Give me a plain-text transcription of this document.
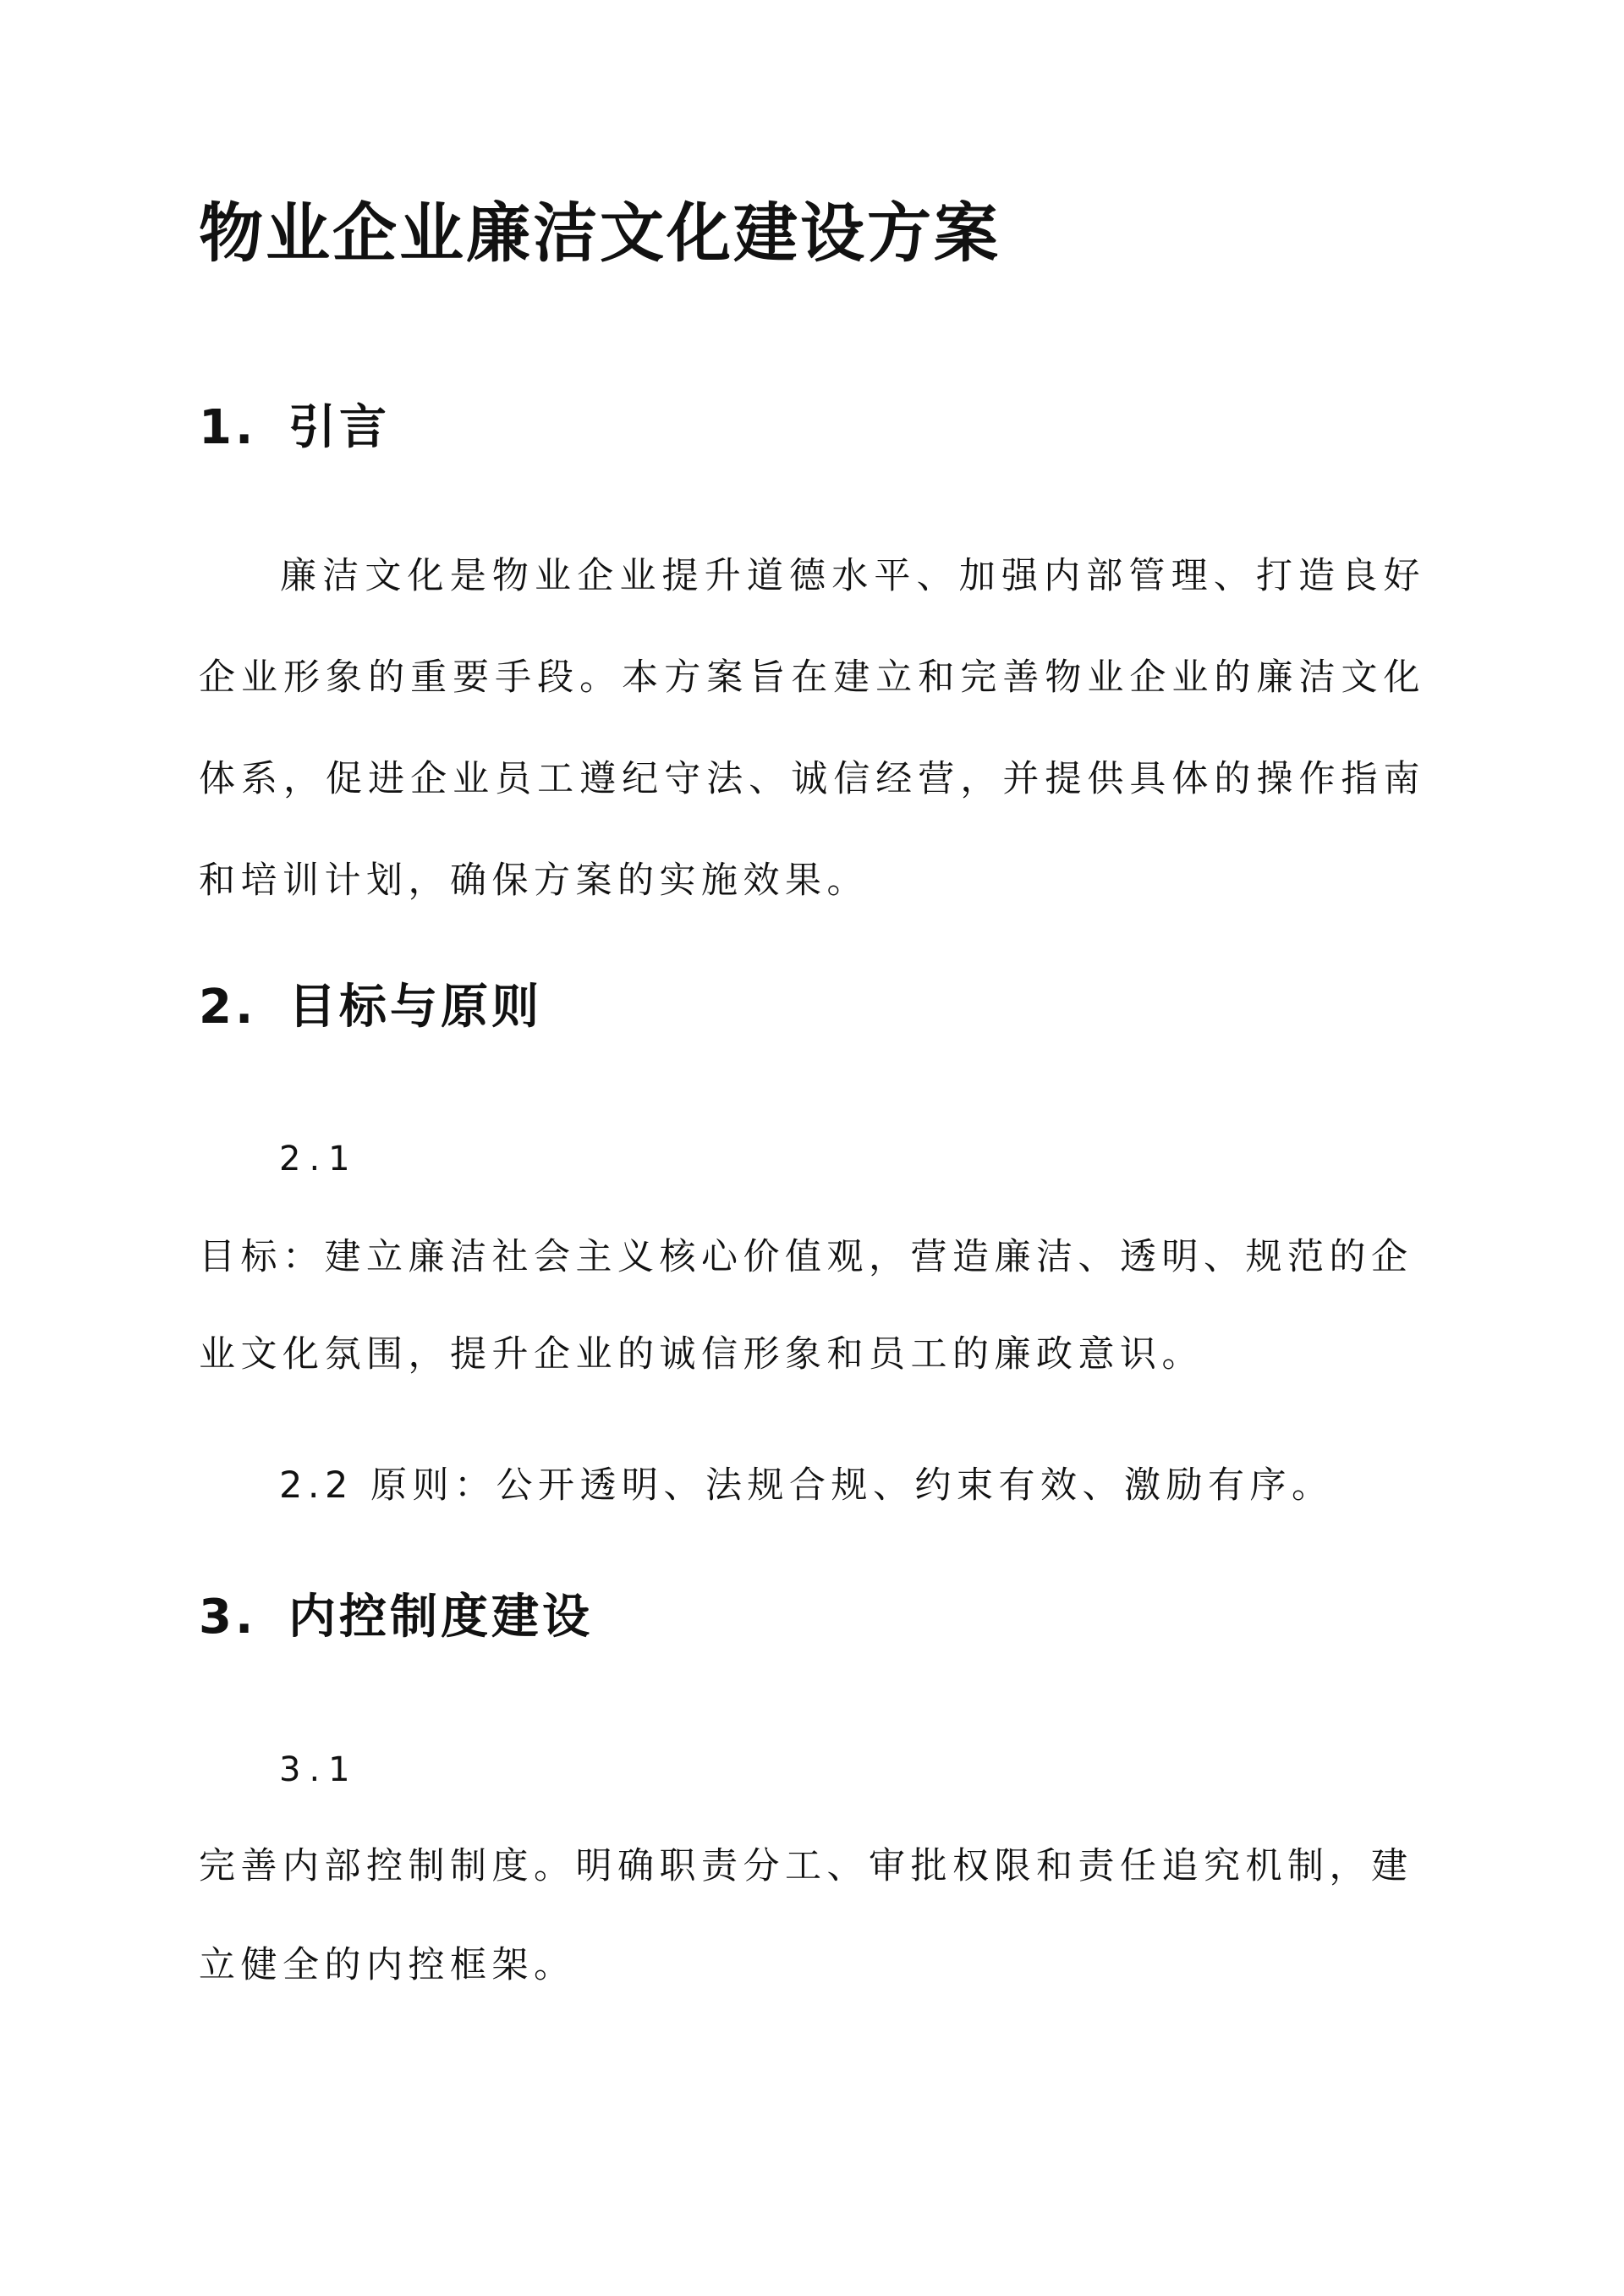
物业企业廉洁文化建设方案
1. 引言

廉洁文化是物业企业提升道德水平、加强内部管理、打造良好企业形象的重要手段。本方案旨在建立和完善物业企业的廉洁文化体系，促进企业员工遵纪守法、诚信经营，并提供具体的操作指南和培训计划，确保方案的实施效果。

2. 目标与原则
2.1
目标：建立廉洁社会主义核心价值观，营造廉洁、透明、规范的企
业文化氛围，提升企业的诚信形象和员工的廉政意识。
2.2 原则：公开透明、法规合规、约束有效、激励有序。
3. 内控制度建设
3.1
完善内部控制制度。明确职责分工、审批权限和责任追究机制，建
立健全的内控框架。
